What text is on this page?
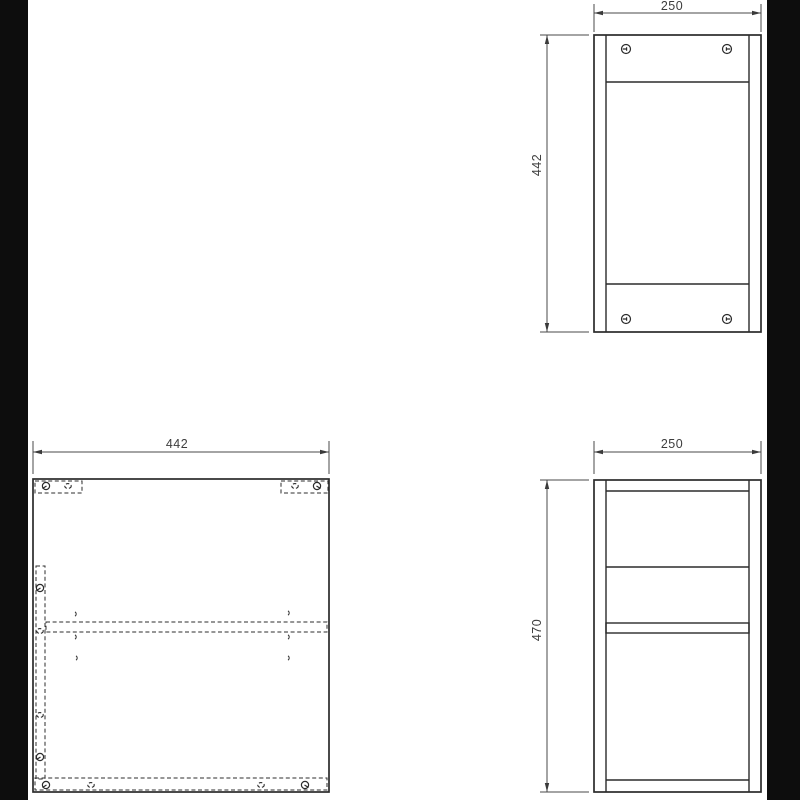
250
442
442	250
470
